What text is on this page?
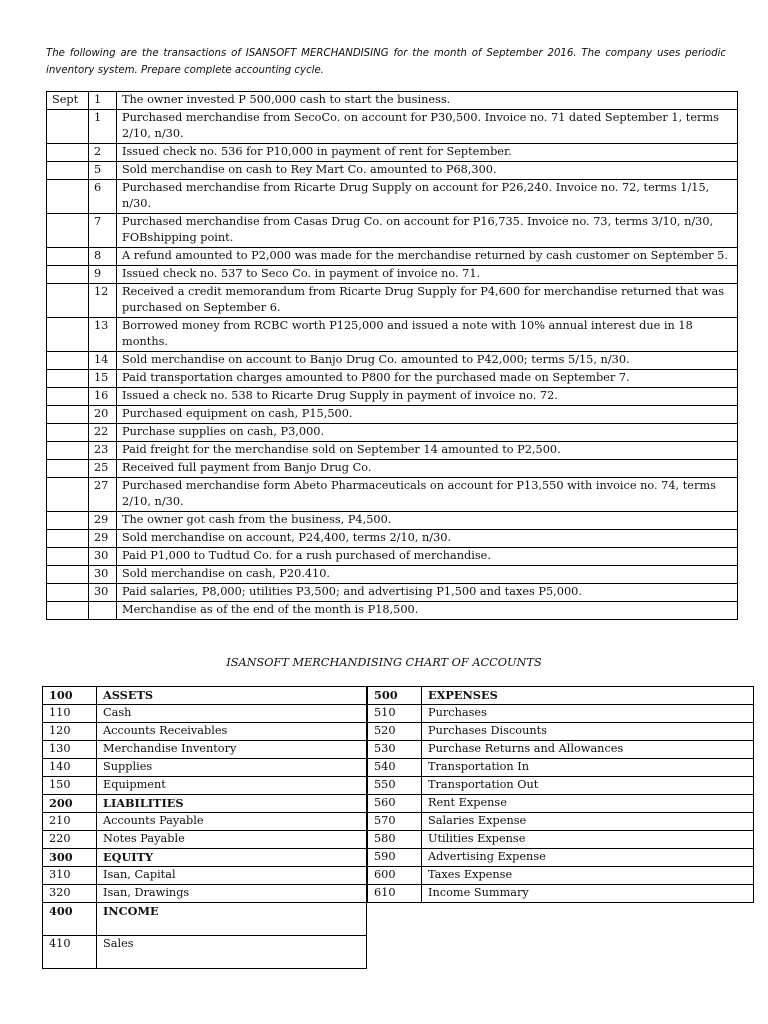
The following are the transactions of ISANSOFT MERCHANDISING for the month of September 2016. The company uses periodic inventory system. Prepare complete accounting cycle.

Sept	1	The owner invested P 500,000 cash to start the business.
	1	Purchased merchandise from SecoCo. on account for P30,500. Invoice no. 71 dated September 1, terms 2/10, n/30.
	2	Issued check no. 536 for P10,000 in payment of rent for September.
	5	Sold merchandise on cash to Rey Mart Co. amounted to P68,300.
	6	Purchased merchandise from Ricarte Drug Supply on account for P26,240. Invoice no. 72, terms 1/15, n/30.
	7	Purchased merchandise from Casas Drug Co. on account for P16,735. Invoice no. 73, terms 3/10, n/30, FOBshipping point.
	8	A refund amounted to P2,000 was made for the merchandise returned by cash customer on September 5.
	9	Issued check no. 537 to Seco Co. in payment of invoice no. 71.
	12	Received a credit memorandum from Ricarte Drug Supply for P4,600 for merchandise returned that was purchased on September 6.
	13	Borrowed money from RCBC worth P125,000 and issued a note with 10% annual interest due in 18 months.
	14	Sold merchandise on account to Banjo Drug Co. amounted to P42,000; terms 5/15, n/30.
	15	Paid transportation charges amounted to P800 for the purchased made on September 7.
	16	Issued a check no. 538 to Ricarte Drug Supply in payment of invoice no. 72.
	20	Purchased equipment on cash, P15,500.
	22	Purchase supplies on cash, P3,000.
	23	Paid freight for the merchandise sold on September 14 amounted to P2,500.
	25	Received full payment from Banjo Drug Co.
	27	Purchased merchandise form Abeto Pharmaceuticals on account for P13,550 with invoice no. 74, terms 2/10, n/30.
	29	The owner got cash from the business, P4,500.
	29	Sold merchandise on account, P24,400, terms 2/10, n/30.
	30	Paid P1,000 to Tudtud Co. for a rush purchased of merchandise.
	30	Sold merchandise on cash, P20.410.
	30	Paid salaries, P8,000; utilities P3,500; and advertising P1,500 and taxes P5,000.
		Merchandise as of the end of the month is P18,500.

ISANSOFT MERCHANDISING CHART OF ACCOUNTS

100	ASSETS
110	Cash
120	Accounts Receivables
130	Merchandise Inventory
140	Supplies
150	Equipment
200	LIABILITIES
210	Accounts Payable
220	Notes Payable
300	EQUITY
310	Isan, Capital
320	Isan, Drawings
400	INCOME
410	Sales
500	EXPENSES
510	Purchases
520	Purchases Discounts
530	Purchase Returns and Allowances
540	Transportation In
550	Transportation Out
560	Rent Expense
570	Salaries Expense
580	Utilities Expense
590	Advertising Expense
600	Taxes Expense
610	Income Summary
